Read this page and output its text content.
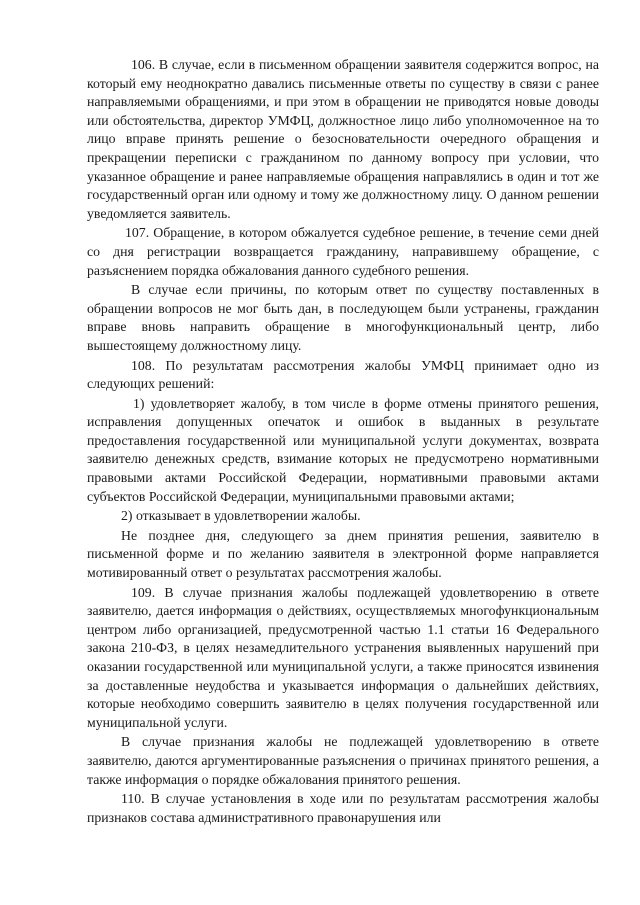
106. В случае, если в письменном обращении заявителя содержится вопрос, на который ему неоднократно давались письменные ответы по существу в связи с ранее направляемыми обращениями, и при этом в обращении не приводятся новые доводы или обстоятельства, директор УМФЦ, должностное лицо либо уполномоченное на то лицо вправе принять решение о безосновательности очередного обращения и прекращении переписки с гражданином по данному вопросу при условии, что указанное обращение и ранее направляемые обращения направлялись в один и тот же государственный орган или одному и тому же должностному лицу. О данном решении уведомляется заявитель.

107. Обращение, в котором обжалуется судебное решение, в течение семи дней со дня регистрации возвращается гражданину, направившему обращение, с разъяснением порядка обжалования данного судебного решения.

В случае если причины, по которым ответ по существу поставленных в обращении вопросов не мог быть дан, в последующем были устранены, гражданин вправе вновь направить обращение в многофункциональный центр, либо вышестоящему должностному лицу.

108. По результатам рассмотрения жалобы УМФЦ принимает одно из следующих решений:

1) удовлетворяет жалобу, в том числе в форме отмены принятого решения, исправления допущенных опечаток и ошибок в выданных в результате предоставления государственной или муниципальной услуги документах, возврата заявителю денежных средств, взимание которых не предусмотрено нормативными правовыми актами Российской Федерации, нормативными правовыми актами субъектов Российской Федерации, муниципальными правовыми актами;

2) отказывает в удовлетворении жалобы.

Не позднее дня, следующего за днем принятия решения, заявителю в письменной форме и по желанию заявителя в электронной форме направляется мотивированный ответ о результатах рассмотрения жалобы.

109. В случае признания жалобы подлежащей удовлетворению в ответе заявителю, дается информация о действиях, осуществляемых многофункциональным центром либо организацией, предусмотренной частью 1.1 статьи 16 Федерального закона 210-ФЗ, в целях незамедлительного устранения выявленных нарушений при оказании государственной или муниципальной услуги, а также приносятся извинения за доставленные неудобства и указывается информация о дальнейших действиях, которые необходимо совершить заявителю в целях получения государственной или муниципальной услуги.

В случае признания жалобы не подлежащей удовлетворению в ответе заявителю, даются аргументированные разъяснения о причинах принятого решения, а также информация о порядке обжалования принятого решения.

110. В случае установления в ходе или по результатам рассмотрения жалобы признаков состава административного правонарушения или
